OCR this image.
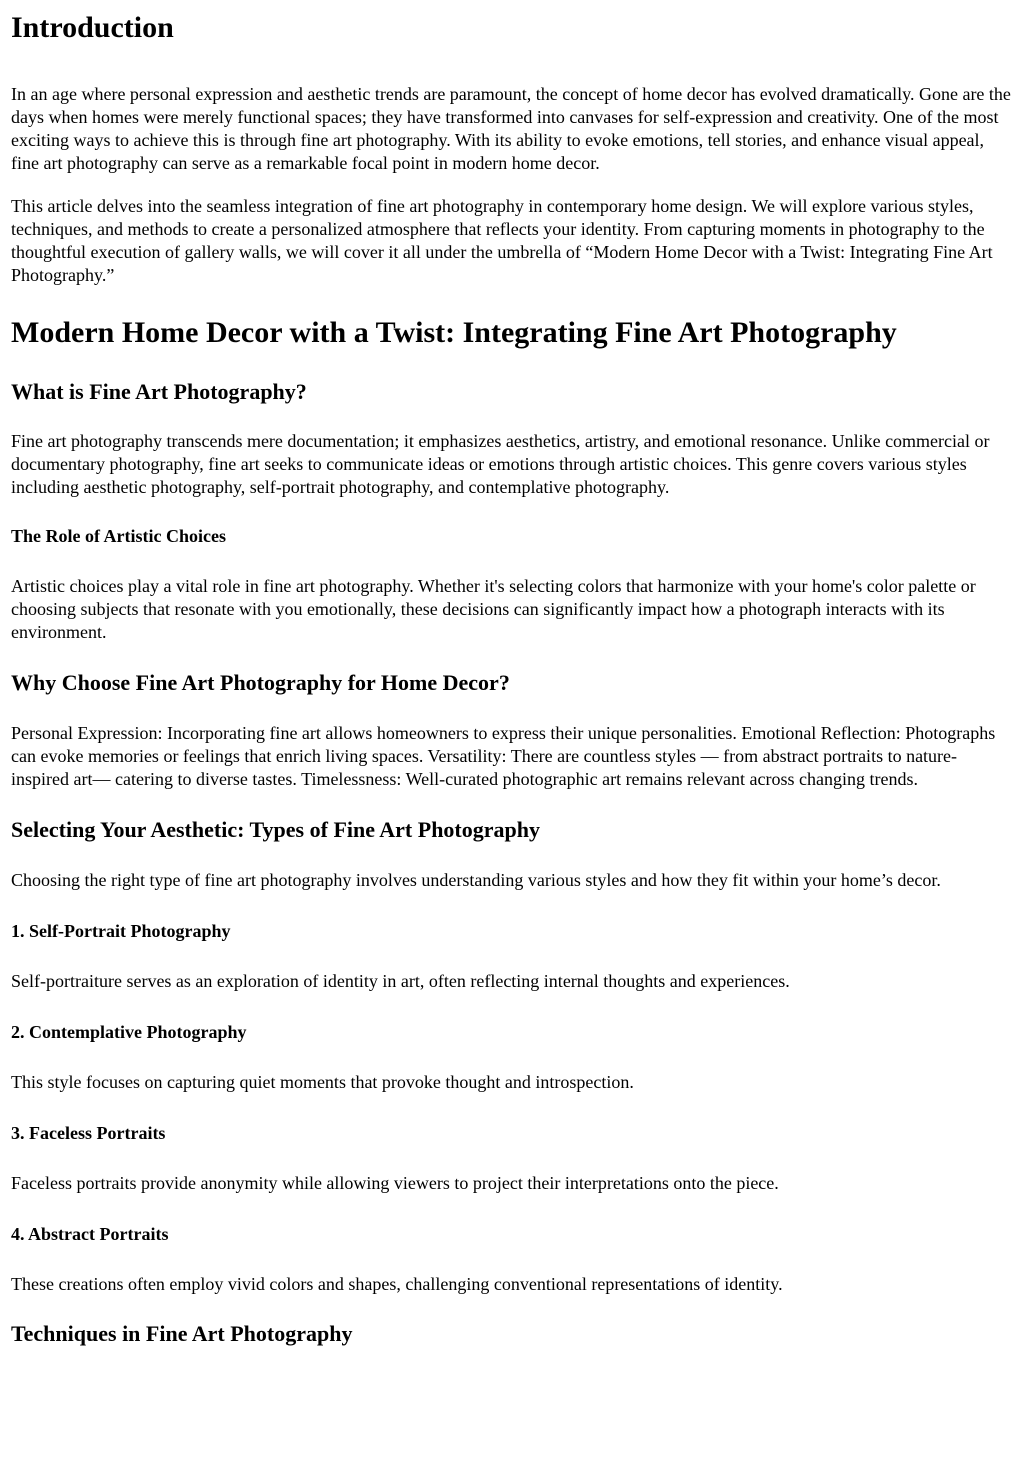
Introduction

In an age where personal expression and aesthetic trends are paramount, the concept of home decor has evolved dramatically. Gone are the days when homes were merely functional spaces; they have transformed into canvases for self-expression and creativity. One of the most exciting ways to achieve this is through fine art photography. With its ability to evoke emotions, tell stories, and enhance visual appeal, fine art photography can serve as a remarkable focal point in modern home decor.

This article delves into the seamless integration of fine art photography in contemporary home design. We will explore various styles, techniques, and methods to create a personalized atmosphere that reflects your identity. From capturing moments in photography to the thoughtful execution of gallery walls, we will cover it all under the umbrella of “Modern Home Decor with a Twist: Integrating Fine Art Photography.”

Modern Home Decor with a Twist: Integrating Fine Art Photography
What is Fine Art Photography?

Fine art photography transcends mere documentation; it emphasizes aesthetics, artistry, and emotional resonance. Unlike commercial or documentary photography, fine art seeks to communicate ideas or emotions through artistic choices. This genre covers various styles including aesthetic photography, self-portrait photography, and contemplative photography.

The Role of Artistic Choices

Artistic choices play a vital role in fine art photography. Whether it's selecting colors that harmonize with your home's color palette or choosing subjects that resonate with you emotionally, these decisions can significantly impact how a photograph interacts with its environment.

Why Choose Fine Art Photography for Home Decor?

Personal Expression: Incorporating fine art allows homeowners to express their unique personalities. Emotional Reflection: Photographs can evoke memories or feelings that enrich living spaces. Versatility: There are countless styles — from abstract portraits to nature-inspired art— catering to diverse tastes. Timelessness: Well-curated photographic art remains relevant across changing trends.

Selecting Your Aesthetic: Types of Fine Art Photography

Choosing the right type of fine art photography involves understanding various styles and how they fit within your home’s decor.

1. Self-Portrait Photography

Self-portraiture serves as an exploration of identity in art, often reflecting internal thoughts and experiences.

2. Contemplative Photography

This style focuses on capturing quiet moments that provoke thought and introspection.

3. Faceless Portraits

Faceless portraits provide anonymity while allowing viewers to project their interpretations onto the piece.

4. Abstract Portraits

These creations often employ vivid colors and shapes, challenging conventional representations of identity.

Techniques in Fine Art Photography
